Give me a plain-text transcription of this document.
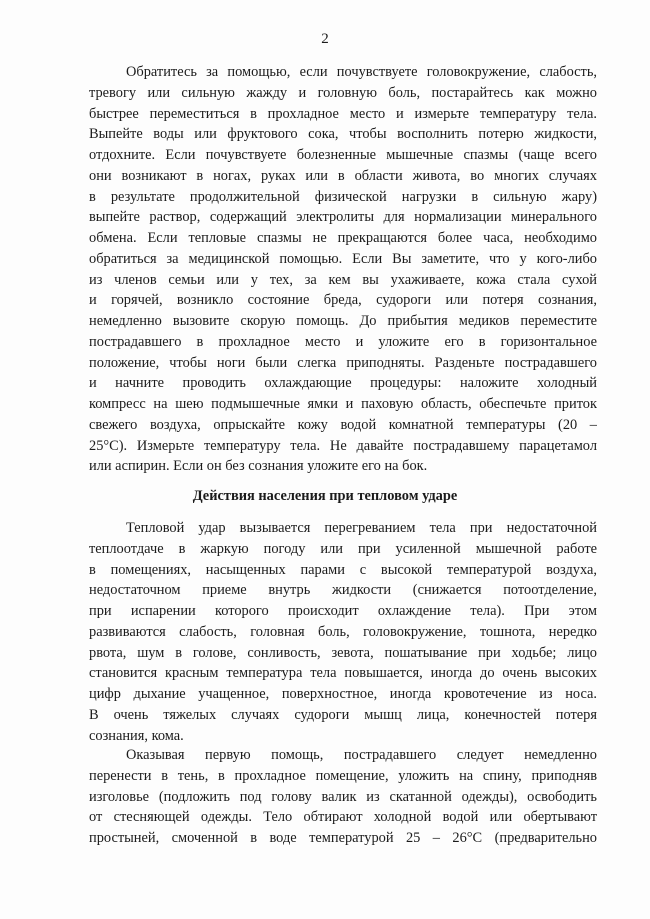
2
Обратитесь за помощью, если почувствуете головокружение, слабость,
тревогу или сильную жажду и головную боль, постарайтесь как можно
быстрее переместиться в прохладное место и измерьте температуру тела.
Выпейте воды или фруктового сока, чтобы восполнить потерю жидкости,
отдохните. Если почувствуете болезненные мышечные спазмы (чаще всего
они возникают в ногах, руках или в области живота, во многих случаях
в результате продолжительной физической нагрузки в сильную жару)
выпейте раствор, содержащий электролиты для нормализации минерального
обмена. Если тепловые спазмы не прекращаются более часа, необходимо
обратиться за медицинской помощью. Если Вы заметите, что у кого-либо
из членов семьи или у тех, за кем вы ухаживаете, кожа стала сухой
и горячей, возникло состояние бреда, судороги или потеря сознания,
немедленно вызовите скорую помощь. До прибытия медиков переместите
пострадавшего в прохладное место и уложите его в горизонтальное
положение, чтобы ноги были слегка приподняты. Разденьте пострадавшего
и начните проводить охлаждающие процедуры: наложите холодный
компресс на шею подмышечные ямки и паховую область, обеспечьте приток
свежего воздуха, опрыскайте кожу водой комнатной температуры (20 –
25°С). Измерьте температуру тела. Не давайте пострадавшему парацетамол
или аспирин. Если он без сознания уложите его на бок.
Действия населения при тепловом ударе
Тепловой удар вызывается перегреванием тела при недостаточной
теплоотдаче в жаркую погоду или при усиленной мышечной работе
в помещениях, насыщенных парами с высокой температурой воздуха,
недостаточном приеме внутрь жидкости (снижается потоотделение,
при испарении которого происходит охлаждение тела). При этом
развиваются слабость, головная боль, головокружение, тошнота, нередко
рвота, шум в голове, сонливость, зевота, пошатывание при ходьбе; лицо
становится красным температура тела повышается, иногда до очень высоких
цифр дыхание учащенное, поверхностное, иногда кровотечение из носа.
В очень тяжелых случаях судороги мышц лица, конечностей потеря
сознания, кома.
Оказывая первую помощь, пострадавшего следует немедленно
перенести в тень, в прохладное помещение, уложить на спину, приподняв
изголовье (подложить под голову валик из скатанной одежды), освободить
от стесняющей одежды. Тело обтирают холодной водой или обертывают
простыней, смоченной в воде температурой 25 – 26°С (предварительно
